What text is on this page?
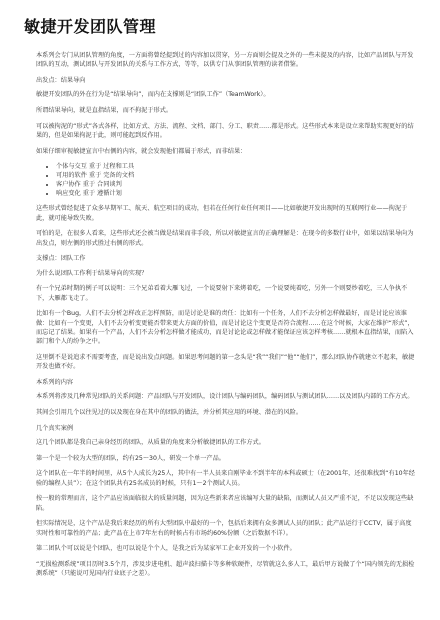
敏捷开发团队管理

本系列会专门从团队管理的角度，一方面将曾经提到过的内容加以贯穿，另一方面则会提及之外的一些未提及的内容，比如产品团队与开发团队的互动，测试团队与开发团队的关系与工作方式，等等，以供专门从事团队管理的读者借鉴。

出发点：结果导向

敏捷开发团队的外在行为是“结果导向”，而内在支撑则是“团队工作”（TeamWork）。

所谓结果导向，就是直指结果，而不拘泥于形式。

可以被拘泥的“形式”各式各样，比如方式、方法、流程、文档、部门、分工、职责……都是形式。这些形式本来是设立来帮助实现更好的结果的，但是如果拘泥于此，则可能起到反作用。

如果仔细审视敏捷宣言中右侧的内容，就会发现他们都属于形式，而非结果：

• 个体与交互 重于 过程和工具
• 可用的软件 重于 完备的文档
• 客户协作 重于 合同谈判
• 响应变化 重于 遵循计划

这些形式曾经促进了众多早期军工、航天、航空项目的成功，但若在任何行业任何项目——比如敏捷开发出现时的互联网行业——拘泥于此，就可能导致失败。

可怕的是，在很多人看来，这些形式还会被当做是结果而非手段，所以对敏捷宣言的正确理解是：在现今的多数行业中，如果以结果导向为出发点，则左侧的形式胜过右侧的形式。

支撑点：团队工作

为什么说团队工作利于结果导向的实现？

有一个兄弟时期的例子可以说明：三个兄弟看着大雁飞过，一个说要射下来烤着吃，一个说要炖着吃，另外一个则要炒着吃，三人争执不下，大雁都飞走了。

比如有一个Bug，人们不去分析怎样改正怎样预防，而是讨论是谁的责任：比如有一个任务，人们不去分析怎样做最好，而是讨论应该谁做：比如有一个变更，人们不去分析变更能否带来更大方面的价值，而是讨论这个变更是否符合流程……在这个时候，大家在维护“形式”，而忘记了结果。如果有一个产品，人们不去分析怎样做才能成功，而是讨论论或怎样做才能保证应该怎样考核……就根本直指结果，而陷入部门和个人的纷争之中。

这里倒不是说追求不需要考查，而是说出发点问题。如果思考问题的第一念头是“我”“我们”“他”“他们”，那么团队协作就建立不起来，敏捷开发也做不好。

本系列的内容

本系列将涉及几种常见团队的关系问题：产品团队与开发团队，设计团队与编码团队，编码团队与测试团队……以及团队内部的工作方式。

其间会引用几个以往见过的以及现在身在其中的团队的做法，并分析其应用的环境、潜在的风险。

几个真实案例

这几个团队都是我自己亲身经历的团队，从质量的角度来分析敏捷团队的工作方式。

第一个是一个较为大型的团队，约有25～30人，研发一个单一产品。

这个团队在一年半的时间里，从5个人成长为25人，其中有一半人员来自刚毕业不到半年的本科或硕士（在2001年，还很难找到“有10年经验的编程人员”）；在这个团队共有25名成员的时候，只有1～2个测试人员。

按一般的常理而言，这个产品应该面临很大的质量问题，因为这些新来者应该编写大量的缺陷，而测试人员又严重不足，不足以发现这些缺陷。

但实际情况是，这个产品是我后来经历的所有大型团队中最好的一个，包括后来拥有众多测试人员的团队；此产品运行于CCTV，属于高度实时性和可靠性的产品；此产品在上市7年左右的时候占有市场约60%份额（之后数据不详）。

第二团队个可以说是个团队，也可以说是个个人，是我之后为某家军工企业开发的一个小软件。

“无损检测系统”项目历时3.5个月，涉及步进电机、超声波扫描卡等多种软硬件，尽管就这么多人工，最后甲方说做了个“国内领先的无损检测系统”（只能说可见国内行业底子之差）。
